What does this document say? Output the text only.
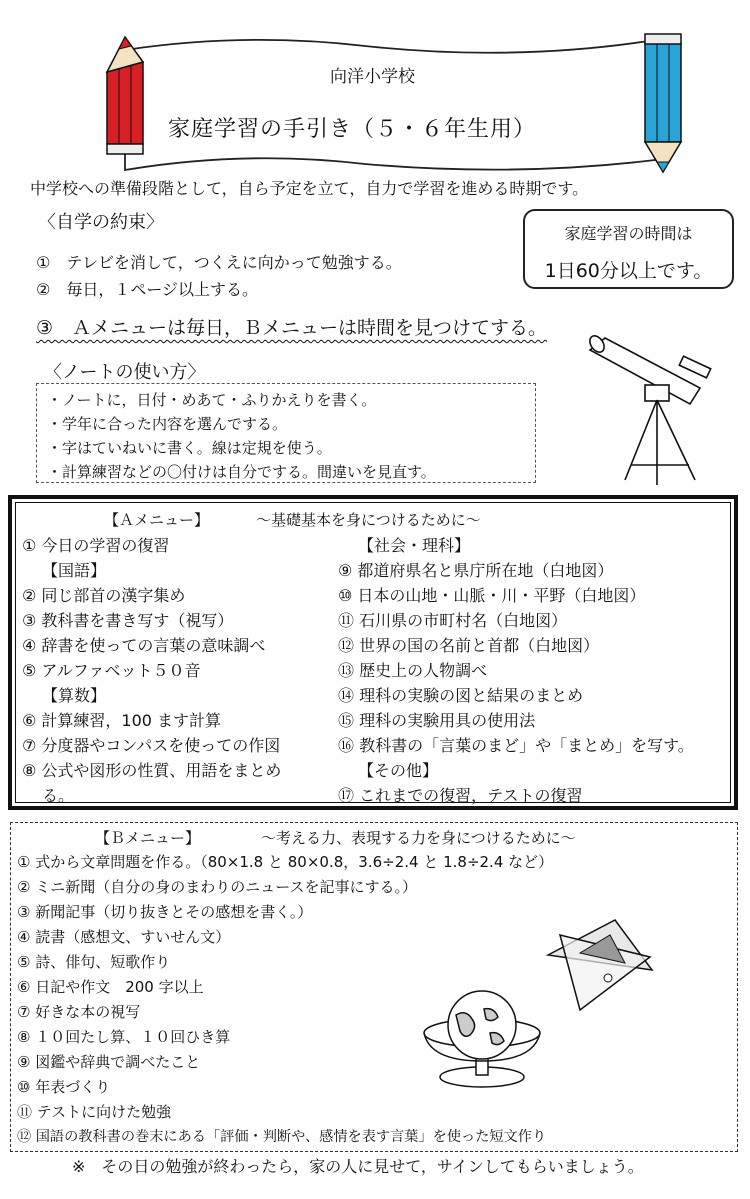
向洋小学校
家庭学習の手引き（５・６年生用）
中学校への準備段階として，自ら予定を立て，自力で学習を進める時期です。
〈自学の約束〉
①　テレビを消して，つくえに向かって勉強する。
②　毎日，１ページ以上する。
③　Ａメニューは毎日，Ｂメニューは時間を見つけてする。
家庭学習の時間は
1日60分以上です。
〈ノートの使い方〉
・ノートに，日付・めあて・ふりかえりを書く。
・学年に合った内容を選んでする。
・字はていねいに書く。線は定規を使う。
・計算練習などの〇付けは自分でする。間違いを見直す。
【Ａメニュー】	～基礎基本を身につけるために～
① 今日の学習の復習
【国語】
② 同じ部首の漢字集め
③ 教科書を書き写す（視写）
④ 辞書を使っての言葉の意味調べ
⑤ アルファベット５０音
【算数】
⑥ 計算練習，100 ます計算
⑦ 分度器やコンパスを使っての作図
⑧ 公式や図形の性質、用語をまとめ
る。
【社会・理科】
⑨ 都道府県名と県庁所在地（白地図）
⑩ 日本の山地・山脈・川・平野（白地図）
⑪ 石川県の市町村名（白地図）
⑫ 世界の国の名前と首都（白地図）
⑬ 歴史上の人物調べ
⑭ 理科の実験の図と結果のまとめ
⑮ 理科の実験用具の使用法
⑯ 教科書の「言葉のまど」や「まとめ」を写す。
【その他】
⑰ これまでの復習，テストの復習
【Ｂメニュー】	～考える力、表現する力を身につけるために～
① 式から文章問題を作る。（80×1.8 と 80×0.8，3.6÷2.4 と 1.8÷2.4 など）
② ミニ新聞（自分の身のまわりのニュースを記事にする。）
③ 新聞記事（切り抜きとその感想を書く。）
④ 読書（感想文、すいせん文）
⑤ 詩、俳句、短歌作り
⑥ 日記や作文　200 字以上
⑦ 好きな本の視写
⑧ １０回たし算、１０回ひき算
⑨ 図鑑や辞典で調べたこと
⑩ 年表づくり
⑪ テストに向けた勉強
⑫ 国語の教科書の巻末にある「評価・判断や、感情を表す言葉」を使った短文作り
※　その日の勉強が終わったら，家の人に見せて，サインしてもらいましょう。
